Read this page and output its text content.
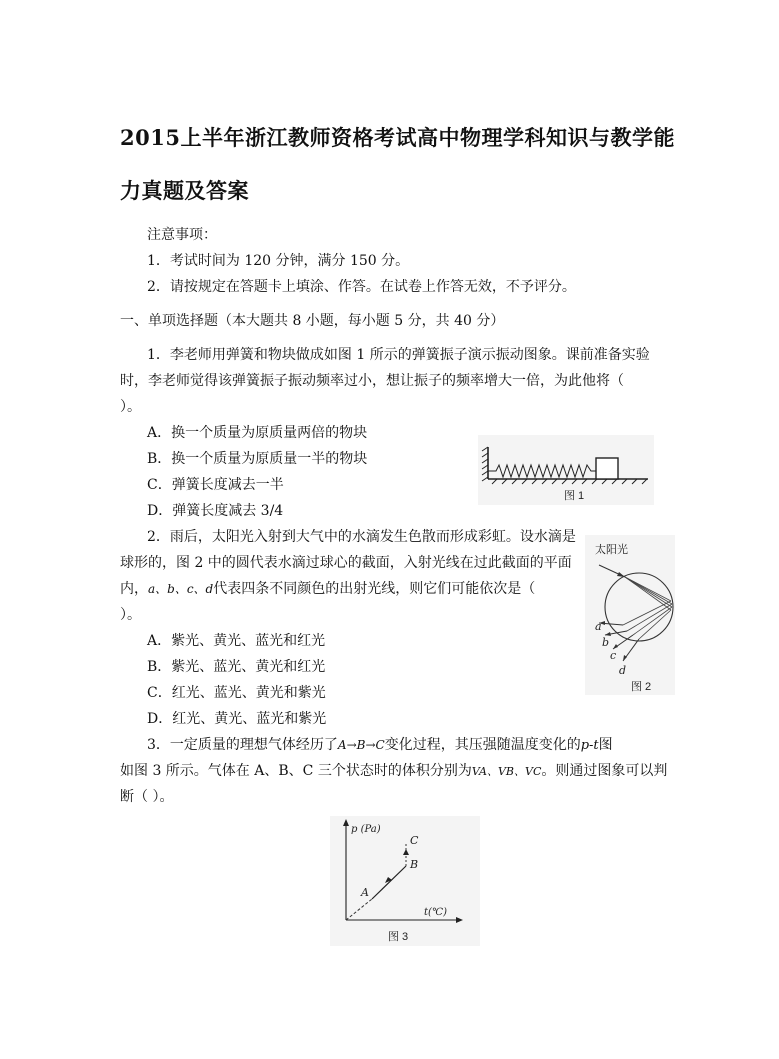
2015上半年浙江教师资格考试高中物理学科知识与教学能
力真题及答案
注意事项：
1．考试时间为 120 分钟，满分 150 分。
2．请按规定在答题卡上填涂、作答。在试卷上作答无效，不予评分。
一、单项选择题（本大题共 8 小题，每小题 5 分，共 40 分）
1．李老师用弹簧和物块做成如图 1 所示的弹簧振子演示振动图象。课前准备实验
时，李老师觉得该弹簧振子振动频率过小，想让振子的频率增大一倍，为此他将（
）。
A．换一个质量为原质量两倍的物块
B．换一个质量为原质量一半的物块
C．弹簧长度减去一半
D．弹簧长度减去 3/4
图 1
2．雨后，太阳光入射到大气中的水滴发生色散而形成彩虹。设水滴是
球形的，图 2 中的圆代表水滴过球心的截面，入射光线在过此截面的平面
内，a、b、c、d代表四条不同颜色的出射光线，则它们可能依次是（
）。
A．紫光、黄光、蓝光和红光
B．紫光、蓝光、黄光和红光
C．红光、蓝光、黄光和紫光
D．红光、黄光、蓝光和紫光
太阳光
a
b
c
d
图 2
3．一定质量的理想气体经历了A→B→C变化过程，其压强随温度变化的p-t图
如图 3 所示。气体在 A、B、C 三个状态时的体积分别为VA、VB、VC。则通过图象可以判
断（ ）。
p (Pa)
t(℃)
A
B
C
图 3
